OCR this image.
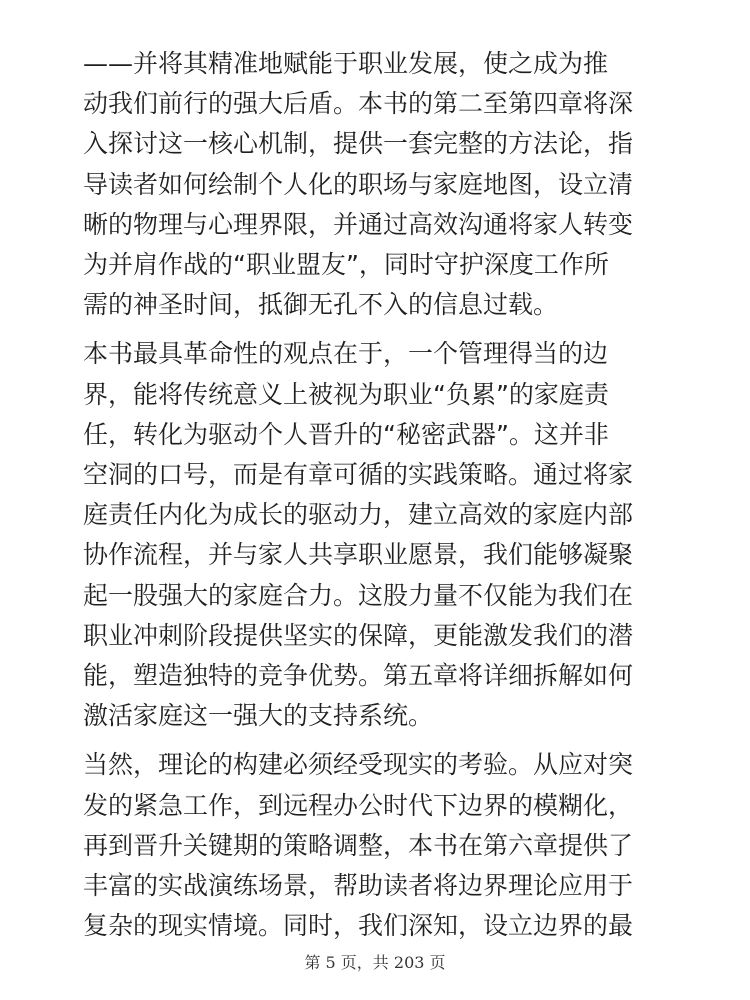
——并将其精准地赋能于职业发展，使之成为推
动我们前行的强大后盾。本书的第二至第四章将深
入探讨这一核心机制，提供一套完整的方法论，指
导读者如何绘制个人化的职场与家庭地图，设立清
晰的物理与心理界限，并通过高效沟通将家人转变
为并肩作战的“职业盟友”，同时守护深度工作所
需的神圣时间，抵御无孔不入的信息过载。
本书最具革命性的观点在于，一个管理得当的边
界，能将传统意义上被视为职业“负累”的家庭责
任，转化为驱动个人晋升的“秘密武器”。这并非
空洞的口号，而是有章可循的实践策略。通过将家
庭责任内化为成长的驱动力，建立高效的家庭内部
协作流程，并与家人共享职业愿景，我们能够凝聚
起一股强大的家庭合力。这股力量不仅能为我们在
职业冲刺阶段提供坚实的保障，更能激发我们的潜
能，塑造独特的竞争优势。第五章将详细拆解如何
激活家庭这一强大的支持系统。
当然，理论的构建必须经受现实的考验。从应对突
发的紧急工作，到远程办公时代下边界的模糊化，
再到晋升关键期的策略调整，本书在第六章提供了
丰富的实战演练场景，帮助读者将边界理论应用于
复杂的现实情境。同时，我们深知，设立边界的最
第 5 页，共 203 页
